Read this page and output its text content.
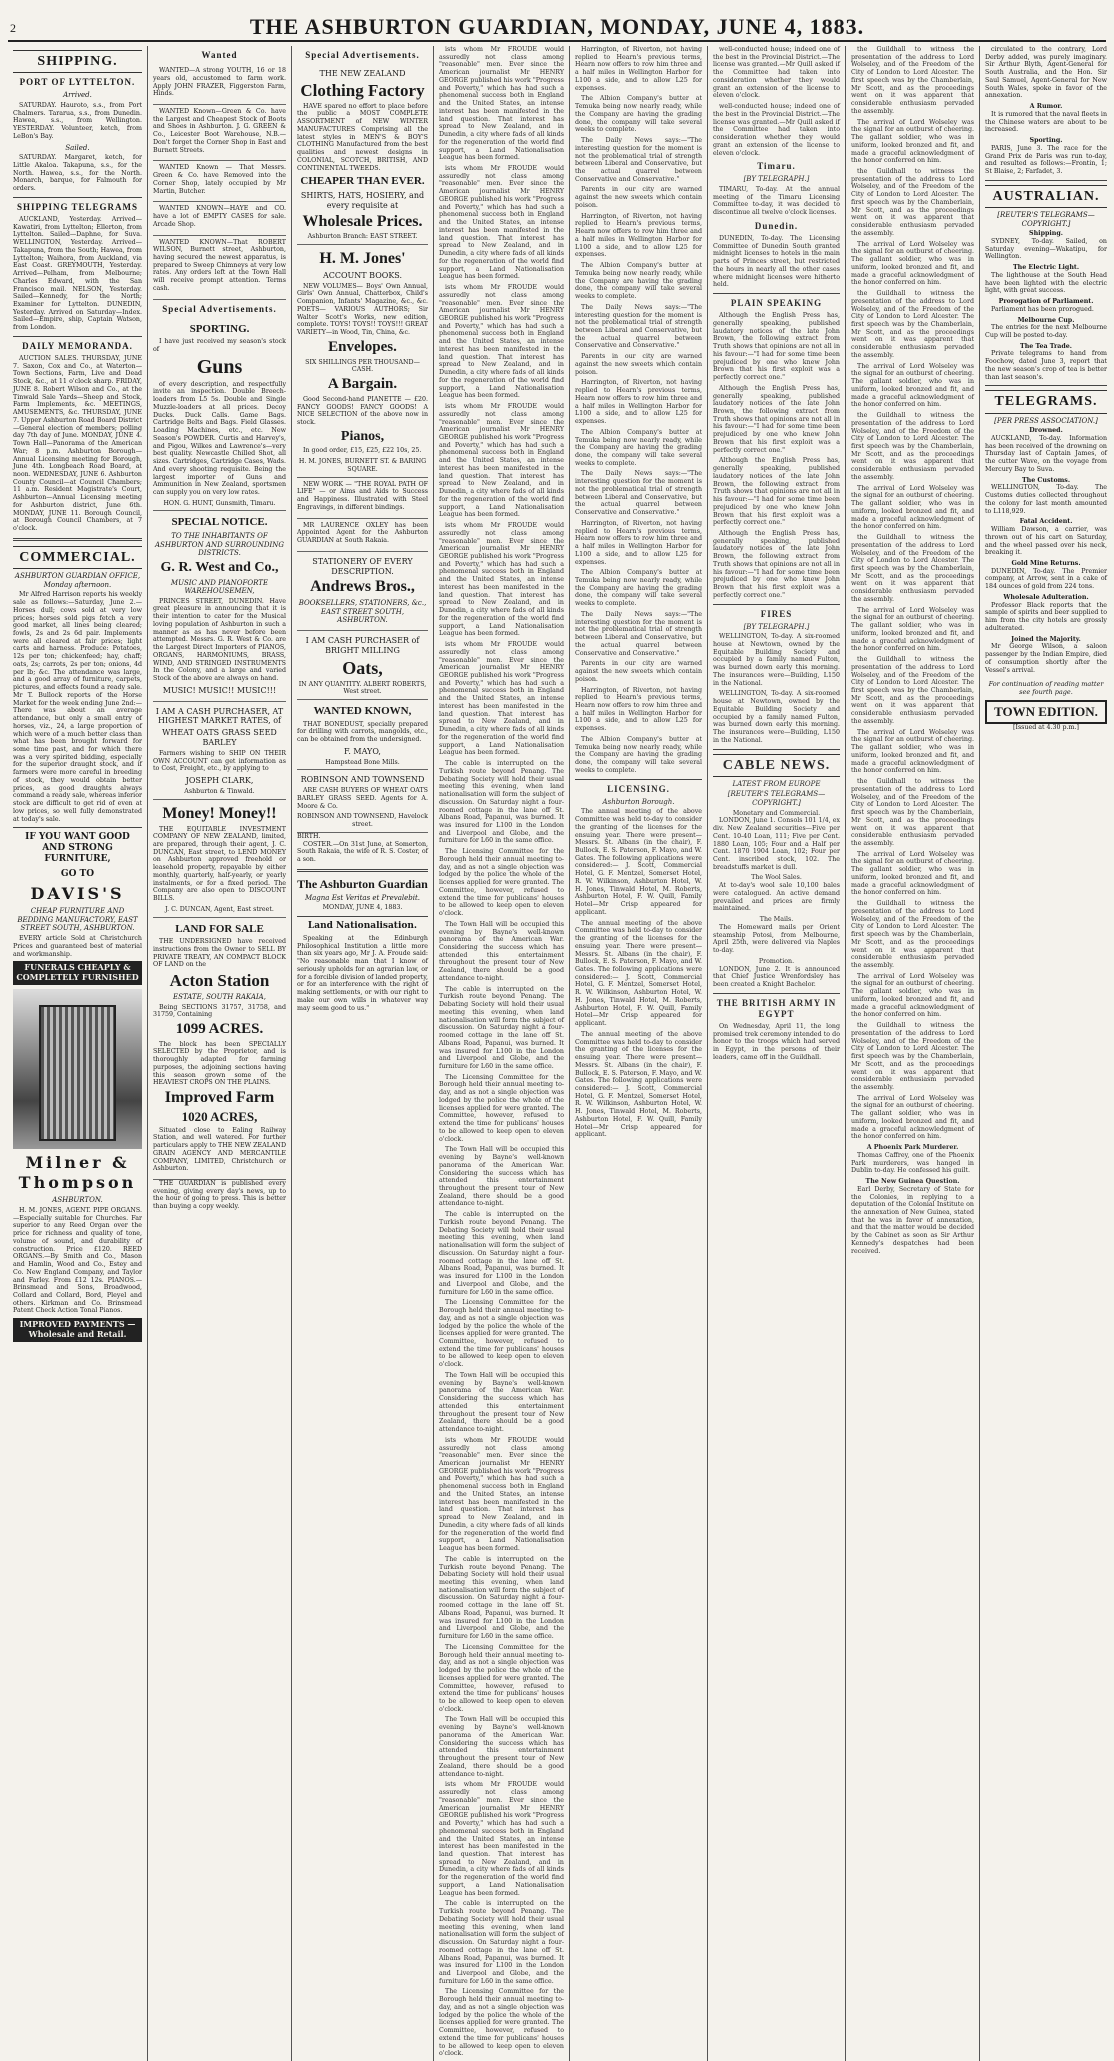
2	THE ASHBURTON GUARDIAN, MONDAY, JUNE 4, 1883.
SHIPPING.
PORT OF LYTTELTON.
Arrived.

SATURDAY. Hauroto, s.s., from Port Chalmers. Tararua, s.s., from Dunedin. Hawea, s.s., from Wellington. YESTERDAY. Volunteer, ketch, from LeBon's Bay.

Sailed.

SATURDAY. Margaret, ketch, for Little Akaloa. Takapuna, s.s., for the North. Hawea, s.s., for the North. Monarch, barque, for Falmouth for orders.

SHIPPING TELEGRAMS

AUCKLAND, Yesterday. Arrived—Kawatiri, from Lyttelton; Ellerton, from Lyttelton. Sailed—Daphne, for Suva. WELLINGTON, Yesterday. Arrived—Takapuna, from the South; Hawea, from Lyttelton; Waihora, from Auckland, via East Coast. GREYMOUTH, Yesterday. Arrived—Pelham, from Melbourne; Charles Edward, with the San Francisco mail. NELSON, Yesterday. Sailed—Kennedy, for the North; Examiner for Lyttelton. DUNEDIN, Yesterday. Arrived on Saturday—Index. Sailed—Empire, ship, Captain Watson, from London.

DAILY MEMORANDA.

AUCTION SALES. THURSDAY, JUNE 7. Saxon, Cox and Co., at Waterton—Town Sections, Farm, Live and Dead Stock, &c., at 11 o'clock sharp. FRIDAY, JUNE 8. Robert Wilson and Co., at the Tinwald Sale Yards—Sheep and Stock, Farm Implements, &c. MEETINGS, AMUSEMENTS, &c. THURSDAY, JUNE 7. Upper Ashburton Road Board District—General election of members; polling day 7th day of June. MONDAY, JUNE 4. Town Hall—Panorama of the American War; 8 p.m. Ashburton Borough—Annual Licensing meeting for Borough, June 4th. Longbeach Road Board, at noon. WEDNESDAY, JUNE 6. Ashburton County Council—at Council Chambers; 11 a.m. Resident Magistrate's Court, Ashburton—Annual Licensing meeting for Ashburton district, June 6th. MONDAY, JUNE 11. Borough Council, at Borough Council Chambers, at 7 o'clock.

COMMERCIAL.
ASHBURTON GUARDIAN OFFICE, Monday afternoon.

Mr Alfred Harrison reports his weekly sale as follows:—Saturday, June 2.—Horses dull; cows sold at very low prices; horses sold pigs fetch a very good market, all lines being cleared; fowls, 2s and 2s 6d pair. Implements were all cleared at fair prices; light carts and harness. Produce: Potatoes, 12s per ton; chickenfeed; hay, chaff; oats, 2s; carrots, 2s per ton; onions, 4d per lb; &c. The attendance was large, and a good array of furniture, carpets, pictures, and effects found a ready sale. Mr T. Bullock reports of the Horse Market for the week ending June 2nd:—There was about an average attendance, but only a small entry of horses, viz., 24, a large proportion of which were of a much better class than what has been brought forward for some time past, and for which there was a very spirited bidding, especially for the superior draught stock, and if farmers were more careful in breeding of stock, they would obtain better prices, as good draughts always command a ready sale, whereas inferior stock are difficult to get rid of even at low prices, so well fully demonstrated at today's sale.

IF YOU WANT GOOD AND STRONG FURNITURE,
GO TO
DAVIS'S
CHEAP FURNITURE AND BEDDING MANUFACTORY, EAST STREET SOUTH, ASHBURTON.

EVERY article Sold at Christchurch Prices and guaranteed best of material and workmanship.

FUNERALS CHEAPLY & COMPLETELY FURNISHED
Milner & Thompson
ASHBURTON.

H. M. JONES, AGENT. PIPE ORGANS.—Especially suitable for Churches. Far superior to any Reed Organ over the price for richness and quality of tone, volume of sound, and durability of construction. Price £120. REED ORGANS.—By Smith and Co., Mason and Hamlin, Wood and Co., Estey and Co. New England Company, and Taylor and Farley. From £12 12s. PIANOS.—Brinsmead and Sons, Broadwood, Collard and Collard, Bord, Pleyel and others. Kirkman and Co. Brinsmead Patent Check Action Tonal Pianos.

IMPROVED PAYMENTS — Wholesale and Retail.
Wanted

WANTED—A strong YOUTH, 16 or 18 years old, accustomed to farm work. Apply JOHN FRAZER, Figgerston Farm, Hinds.

WANTED Known—Green & Co. have the Largest and Cheapest Stock of Boots and Shoes in Ashburton. J. G. GREEN & Co., Leicester Boot Warehouse, N.B.—Don't forget the Corner Shop in East and Burnett Streets.

WANTED Known — That Messrs. Green & Co. have Removed into the Corner Shop, lately occupied by Mr Martin, Butcher.

WANTED KNOWN—HAYE and CO. have a lot of EMPTY CASES for sale. Arcade Shop.

WANTED KNOWN—That ROBERT WILSON, Burnett street, Ashburton, having secured the newest apparatus, is prepared to Sweep Chimneys at very low rates. Any orders left at the Town Hall will receive prompt attention. Terms cash.

Special Advertisements.
SPORTING.

I have just received my season's stock of

Guns

of every description, and respectfully invite an inspection. Double Breech-loaders from L5 5s. Double and Single Muzzle-loaders at all prices. Decoy Ducks. Duck Calls. Game Bags. Cartridge Belts and Bags. Field Glasses. Loading Machines, etc., etc. New Season's POWDER. Curtis and Harvey's, and Pigou, Wilkes and Lawrence's—very best quality. Newcastle Chilled Shot, all sizes. Cartridges, Cartridge Cases, Wads. And every shooting requisite. Being the largest importer of Guns and Ammunition in New Zealand, sportsmen can supply you on very low rates.

HON. G. HUNT, Gunsmith, Timaru.
SPECIAL NOTICE.
TO THE INHABITANTS OF ASHBURTON AND SURROUNDING DISTRICTS.
G. R. West and Co.,
MUSIC AND PIANOFORTE WAREHOUSEMEN,

PRINCES STREET, DUNEDIN. Have great pleasure in announcing that it is their intention to cater for the Musical loving population of Ashburton in such a manner as as has never before been attempted. Messrs. G. R. West & Co. are the Largest Direct Importers of PIANOS, ORGANS, HARMONIUMS, BRASS, WIND, AND STRINGED INSTRUMENTS In the Colony, and a large and varied Stock of the above are always on hand.

MUSIC! MUSIC!! MUSIC!!!
I AM A CASH PURCHASER, AT HIGHEST MARKET RATES, of
WHEAT OATS GRASS SEED BARLEY

Farmers wishing to SHIP ON THEIR OWN ACCOUNT can get information as to Cost, Freight, etc., by applying to

JOSEPH CLARK,
Ashburton & Tinwald.
Money! Money!!

THE EQUITABLE INVESTMENT COMPANY OF NEW ZEALAND, limited, are prepared, through their agent, J. C. DUNCAN, East street, to LEND MONEY on Ashburton approved freehold or leasehold property, repayable by either monthly, quarterly, half-yearly, or yearly instalments, or for a fixed period. The Company are also open to DISCOUNT BILLS.

J. C. DUNCAN, Agent, East street.
LAND FOR SALE

THE UNDERSIGNED have received instructions from the Owner to SELL BY PRIVATE TREATY, AN COMPACT BLOCK OF LAND on the

Acton Station
ESTATE, SOUTH RAKAIA,

Being SECTIONS 31757, 31758, and 31759, Containing

1099 ACRES.

The block has been SPECIALLY SELECTED by the Proprietor, and is thoroughly adapted for farming purposes, the adjoining sections having this season grown some of the HEAVIEST CROPS ON THE PLAINS.

Improved Farm
1020 ACRES,

Situated close to Ealing Railway Station, and well watered. For further particulars apply to THE NEW ZEALAND GRAIN AGENCY AND MERCANTILE COMPANY, LIMITED, Christchurch or Ashburton.

THE GUARDIAN is published every evening, giving every day's news, up to the hour of going to press. This is better than buying a copy weekly.

Special Advertisements.
THE NEW ZEALAND
Clothing Factory

HAVE spared no effort to place before the public a MOST COMPLETE ASSORTMENT of NEW WINTER MANUFACTURES Comprising all the latest styles in MEN'S & BOY'S CLOTHING Manufactured from the best qualities and newest designs in COLONIAL, SCOTCH, BRITISH, AND CONTINENTAL TWEEDS.

CHEAPER THAN EVER.
SHIRTS, HATS, HOSIERY, and every requisite at
Wholesale Prices.
Ashburton Branch: EAST STREET.
H. M. Jones'
ACCOUNT BOOKS.

NEW VOLUMES— Boys' Own Annual, Girls' Own Annual, Chatterbox, Child's Companion, Infants' Magazine, &c., &c. POETS— VARIOUS AUTHORS; Sir Walter Scott's Works, new edition, complete. TOYS! TOYS!! TOYS!!! GREAT VARIETY—in Wood, Tin, China, &c.

Envelopes.
SIX SHILLINGS PER THOUSAND—CASH.
A Bargain.

Good Second-hand PIANETTE — £20. FANCY GOODS! FANCY GOODS! A NICE SELECTION of the above now in stock.

Pianos,

In good order, £15, £25, £22 10s, 25.

H. M. JONES, BURNETT ST. & BARING SQUARE.

NEW WORK — "THE ROYAL PATH OF LIFE" — or Aims and Aids to Success and Happiness. Illustrated with Steel Engravings, in different bindings.

MR LAURENCE OXLEY has been Appointed Agent for the Ashburton GUARDIAN at South Rakaia.

STATIONERY OF EVERY DESCRIPTION.
Andrews Bros.,
BOOKSELLERS, STATIONERS, &c., EAST STREET SOUTH, ASHBURTON.
I AM CASH PURCHASER of BRIGHT MILLING
Oats,
IN ANY QUANTITY. ALBERT ROBERTS, West street.
WANTED KNOWN,

THAT BONEDUST, specially prepared for drilling with carrots, mangolds, etc., can be obtained from the undersigned.

F. MAYO,
Hampstead Bone Mills.
ROBINSON AND TOWNSEND

ARE CASH BUYERS OF WHEAT OATS BARLEY GRASS SEED. Agents for A. Moore & Co.

ROBINSON AND TOWNSEND, Havelock street.
BIRTH.

COSTER.—On 31st June, at Somerton, South Rakaia, the wife of R. S. Coster, of a son.

The Ashburton Guardian
Magna Est Veritas et Prevalebit.
MONDAY, JUNE 4, 1883.
Land Nationalisation.

Speaking at the Edinburgh Philosophical Institution a little more than six years ago, Mr J. A. Froude said: "No reasonable man that I know of seriously upholds for an agrarian law, or for a forcible division of landed property, or for an interference with the right of making settlements, or with our right to make our own wills in whatever way may seem good to us."

ists whom Mr FROUDE would assuredly not class among "reasonable" men. Ever since the American journalist Mr HENRY GEORGE published his work "Progress and Poverty," which has had such a phenomenal success both in England and the United States, an intense interest has been manifested in the land question. That interest has spread to New Zealand, and in Dunedin, a city where fads of all kinds for the regeneration of the world find support, a Land Nationalisation League has been formed.

ists whom Mr FROUDE would assuredly not class among "reasonable" men. Ever since the American journalist Mr HENRY GEORGE published his work "Progress and Poverty," which has had such a phenomenal success both in England and the United States, an intense interest has been manifested in the land question. That interest has spread to New Zealand, and in Dunedin, a city where fads of all kinds for the regeneration of the world find support, a Land Nationalisation League has been formed.

ists whom Mr FROUDE would assuredly not class among "reasonable" men. Ever since the American journalist Mr HENRY GEORGE published his work "Progress and Poverty," which has had such a phenomenal success both in England and the United States, an intense interest has been manifested in the land question. That interest has spread to New Zealand, and in Dunedin, a city where fads of all kinds for the regeneration of the world find support, a Land Nationalisation League has been formed.

ists whom Mr FROUDE would assuredly not class among "reasonable" men. Ever since the American journalist Mr HENRY GEORGE published his work "Progress and Poverty," which has had such a phenomenal success both in England and the United States, an intense interest has been manifested in the land question. That interest has spread to New Zealand, and in Dunedin, a city where fads of all kinds for the regeneration of the world find support, a Land Nationalisation League has been formed.

ists whom Mr FROUDE would assuredly not class among "reasonable" men. Ever since the American journalist Mr HENRY GEORGE published his work "Progress and Poverty," which has had such a phenomenal success both in England and the United States, an intense interest has been manifested in the land question. That interest has spread to New Zealand, and in Dunedin, a city where fads of all kinds for the regeneration of the world find support, a Land Nationalisation League has been formed.

ists whom Mr FROUDE would assuredly not class among "reasonable" men. Ever since the American journalist Mr HENRY GEORGE published his work "Progress and Poverty," which has had such a phenomenal success both in England and the United States, an intense interest has been manifested in the land question. That interest has spread to New Zealand, and in Dunedin, a city where fads of all kinds for the regeneration of the world find support, a Land Nationalisation League has been formed.

The cable is interrupted on the Turkish route beyond Penang. The Debating Society will hold their usual meeting this evening, when land nationalisation will form the subject of discussion. On Saturday night a four-roomed cottage in the lane off St. Albans Road, Papanui, was burned. It was insured for L100 in the London and Liverpool and Globe, and the furniture for L60 in the same office.

The Licensing Committee for the Borough held their annual meeting to-day, and as not a single objection was lodged by the police the whole of the licenses applied for were granted. The Committee, however, refused to extend the time for publicans' houses to be allowed to keep open to eleven o'clock.

The Town Hall will be occupied this evening by Bayne's well-known panorama of the American War. Considering the success which has attended this entertainment throughout the present tour of New Zealand, there should be a good attendance to-night.

The cable is interrupted on the Turkish route beyond Penang. The Debating Society will hold their usual meeting this evening, when land nationalisation will form the subject of discussion. On Saturday night a four-roomed cottage in the lane off St. Albans Road, Papanui, was burned. It was insured for L100 in the London and Liverpool and Globe, and the furniture for L60 in the same office.

The Licensing Committee for the Borough held their annual meeting to-day, and as not a single objection was lodged by the police the whole of the licenses applied for were granted. The Committee, however, refused to extend the time for publicans' houses to be allowed to keep open to eleven o'clock.

The Town Hall will be occupied this evening by Bayne's well-known panorama of the American War. Considering the success which has attended this entertainment throughout the present tour of New Zealand, there should be a good attendance to-night.

The cable is interrupted on the Turkish route beyond Penang. The Debating Society will hold their usual meeting this evening, when land nationalisation will form the subject of discussion. On Saturday night a four-roomed cottage in the lane off St. Albans Road, Papanui, was burned. It was insured for L100 in the London and Liverpool and Globe, and the furniture for L60 in the same office.

The Licensing Committee for the Borough held their annual meeting to-day, and as not a single objection was lodged by the police the whole of the licenses applied for were granted. The Committee, however, refused to extend the time for publicans' houses to be allowed to keep open to eleven o'clock.

The Town Hall will be occupied this evening by Bayne's well-known panorama of the American War. Considering the success which has attended this entertainment throughout the present tour of New Zealand, there should be a good attendance to-night.

ists whom Mr FROUDE would assuredly not class among "reasonable" men. Ever since the American journalist Mr HENRY GEORGE published his work "Progress and Poverty," which has had such a phenomenal success both in England and the United States, an intense interest has been manifested in the land question. That interest has spread to New Zealand, and in Dunedin, a city where fads of all kinds for the regeneration of the world find support, a Land Nationalisation League has been formed.

The cable is interrupted on the Turkish route beyond Penang. The Debating Society will hold their usual meeting this evening, when land nationalisation will form the subject of discussion. On Saturday night a four-roomed cottage in the lane off St. Albans Road, Papanui, was burned. It was insured for L100 in the London and Liverpool and Globe, and the furniture for L60 in the same office.

The Licensing Committee for the Borough held their annual meeting to-day, and as not a single objection was lodged by the police the whole of the licenses applied for were granted. The Committee, however, refused to extend the time for publicans' houses to be allowed to keep open to eleven o'clock.

The Town Hall will be occupied this evening by Bayne's well-known panorama of the American War. Considering the success which has attended this entertainment throughout the present tour of New Zealand, there should be a good attendance to-night.

ists whom Mr FROUDE would assuredly not class among "reasonable" men. Ever since the American journalist Mr HENRY GEORGE published his work "Progress and Poverty," which has had such a phenomenal success both in England and the United States, an intense interest has been manifested in the land question. That interest has spread to New Zealand, and in Dunedin, a city where fads of all kinds for the regeneration of the world find support, a Land Nationalisation League has been formed.

The cable is interrupted on the Turkish route beyond Penang. The Debating Society will hold their usual meeting this evening, when land nationalisation will form the subject of discussion. On Saturday night a four-roomed cottage in the lane off St. Albans Road, Papanui, was burned. It was insured for L100 in the London and Liverpool and Globe, and the furniture for L60 in the same office.

The Licensing Committee for the Borough held their annual meeting to-day, and as not a single objection was lodged by the police the whole of the licenses applied for were granted. The Committee, however, refused to extend the time for publicans' houses to be allowed to keep open to eleven o'clock.

Harrington, of Riverton, not having replied to Hearn's previous terms, Hearn now offers to row him three and a half miles in Wellington Harbor for L100 a side, and to allow L25 for expenses.

The Albion Company's butter at Temuka being now nearly ready, while the Company are having the grading done, the company will take several weeks to complete.

The Daily News says:—"The interesting question for the moment is not the problematical trial of strength between Liberal and Conservative, but the actual quarrel between Conservative and Conservative."

Parents in our city are warned against the new sweets which contain poison.

Harrington, of Riverton, not having replied to Hearn's previous terms, Hearn now offers to row him three and a half miles in Wellington Harbor for L100 a side, and to allow L25 for expenses.

The Albion Company's butter at Temuka being now nearly ready, while the Company are having the grading done, the company will take several weeks to complete.

The Daily News says:—"The interesting question for the moment is not the problematical trial of strength between Liberal and Conservative, but the actual quarrel between Conservative and Conservative."

Parents in our city are warned against the new sweets which contain poison.

Harrington, of Riverton, not having replied to Hearn's previous terms, Hearn now offers to row him three and a half miles in Wellington Harbor for L100 a side, and to allow L25 for expenses.

The Albion Company's butter at Temuka being now nearly ready, while the Company are having the grading done, the company will take several weeks to complete.

The Daily News says:—"The interesting question for the moment is not the problematical trial of strength between Liberal and Conservative, but the actual quarrel between Conservative and Conservative."

Harrington, of Riverton, not having replied to Hearn's previous terms, Hearn now offers to row him three and a half miles in Wellington Harbor for L100 a side, and to allow L25 for expenses.

The Albion Company's butter at Temuka being now nearly ready, while the Company are having the grading done, the company will take several weeks to complete.

The Daily News says:—"The interesting question for the moment is not the problematical trial of strength between Liberal and Conservative, but the actual quarrel between Conservative and Conservative."

Parents in our city are warned against the new sweets which contain poison.

Harrington, of Riverton, not having replied to Hearn's previous terms, Hearn now offers to row him three and a half miles in Wellington Harbor for L100 a side, and to allow L25 for expenses.

The Albion Company's butter at Temuka being now nearly ready, while the Company are having the grading done, the company will take several weeks to complete.

LICENSING.
Ashburton Borough.

The annual meeting of the above Committee was held to-day to consider the granting of the licenses for the ensuing year. There were present—Messrs. St. Albans (in the chair), F. Bullock, E. S. Paterson, F. Mayo, and W. Gates. The following applications were considered:— J. Scott, Commercial Hotel, G. F. Mentzel, Somerset Hotel, R. W. Wilkinson, Ashburton Hotel, W. H. Jones, Tinwald Hotel, M. Roberts, Ashburton Hotel, F. W. Quill, Family Hotel—Mr Crisp appeared for applicant.

The annual meeting of the above Committee was held to-day to consider the granting of the licenses for the ensuing year. There were present—Messrs. St. Albans (in the chair), F. Bullock, E. S. Paterson, F. Mayo, and W. Gates. The following applications were considered:— J. Scott, Commercial Hotel, G. F. Mentzel, Somerset Hotel, R. W. Wilkinson, Ashburton Hotel, W. H. Jones, Tinwald Hotel, M. Roberts, Ashburton Hotel, F. W. Quill, Family Hotel—Mr Crisp appeared for applicant.

The annual meeting of the above Committee was held to-day to consider the granting of the licenses for the ensuing year. There were present—Messrs. St. Albans (in the chair), F. Bullock, E. S. Paterson, F. Mayo, and W. Gates. The following applications were considered:— J. Scott, Commercial Hotel, G. F. Mentzel, Somerset Hotel, R. W. Wilkinson, Ashburton Hotel, W. H. Jones, Tinwald Hotel, M. Roberts, Ashburton Hotel, F. W. Quill, Family Hotel—Mr Crisp appeared for applicant.

well-conducted house; indeed one of the best in the Provincial District.—The license was granted.—Mr Quill asked if the Committee had taken into consideration whether they would grant an extension of the license to eleven o'clock.

well-conducted house; indeed one of the best in the Provincial District.—The license was granted.—Mr Quill asked if the Committee had taken into consideration whether they would grant an extension of the license to eleven o'clock.

Timaru.
[BY TELEGRAPH.]

TIMARU, To-day. At the annual meeting of the Timaru Licensing Committee to-day, it was decided to discontinue all twelve o'clock licenses.

Dunedin.

DUNEDIN, To-day. The Licensing Committee of Dunedin South granted midnight licenses to hotels in the main parts of Princes street, but restricted the hours in nearly all the other cases where midnight licenses were hitherto held.

PLAIN SPEAKING

Although the English Press has, generally speaking, published laudatory notices of the late John Brown, the following extract from Truth shows that opinions are not all in his favour:—"I had for some time been prejudiced by one who knew John Brown that his first exploit was a perfectly correct one."

Although the English Press has, generally speaking, published laudatory notices of the late John Brown, the following extract from Truth shows that opinions are not all in his favour:—"I had for some time been prejudiced by one who knew John Brown that his first exploit was a perfectly correct one."

Although the English Press has, generally speaking, published laudatory notices of the late John Brown, the following extract from Truth shows that opinions are not all in his favour:—"I had for some time been prejudiced by one who knew John Brown that his first exploit was a perfectly correct one."

Although the English Press has, generally speaking, published laudatory notices of the late John Brown, the following extract from Truth shows that opinions are not all in his favour:—"I had for some time been prejudiced by one who knew John Brown that his first exploit was a perfectly correct one."

FIRES
[BY TELEGRAPH.]

WELLINGTON, To-day. A six-roomed house at Newtown, owned by the Equitable Building Society and occupied by a family named Fulton, was burned down early this morning. The insurances were—Building, L150 in the National.

WELLINGTON, To-day. A six-roomed house at Newtown, owned by the Equitable Building Society and occupied by a family named Fulton, was burned down early this morning. The insurances were—Building, L150 in the National.

CABLE NEWS.
LATEST FROM EUROPE
[REUTER'S TELEGRAMS—COPYRIGHT.]
Monetary and Commercial.

LONDON, June 1. Consols 101 1/4, ex div. New Zealand securities—Five per Cent. 10-40 Loan, 111; Five per Cent. 1880 Loan, 105; Four and a Half per Cent. 1870 1904 Loan, 102; Four per Cent. inscribed stock, 102. The breadstuffs market is dull.

The Wool Sales.

At to-day's wool sale 10,100 bales were catalogued. An active demand prevailed and prices are firmly maintained.

The Mails.

The Homeward mails per Orient steamship Potosi, from Melbourne, April 25th, were delivered via Naples to-day.

Promotion.

LONDON, June 2. It is announced that Chief Justice Wrenfordsley has been created a Knight Bachelor.

THE BRITISH ARMY IN EGYPT

On Wednesday, April 11, the long promised trek ceremony intended to do honor to the troops which had served in Egypt, in the persons of their leaders, came off in the Guildhall.

the Guildhall to witness the presentation of the address to Lord Wolseley, and of the Freedom of the City of London to Lord Alcester. The first speech was by the Chamberlain, Mr Scott, and as the proceedings went on it was apparent that considerable enthusiasm pervaded the assembly.

The arrival of Lord Wolseley was the signal for an outburst of cheering. The gallant soldier, who was in uniform, looked bronzed and fit, and made a graceful acknowledgment of the honor conferred on him.

the Guildhall to witness the presentation of the address to Lord Wolseley, and of the Freedom of the City of London to Lord Alcester. The first speech was by the Chamberlain, Mr Scott, and as the proceedings went on it was apparent that considerable enthusiasm pervaded the assembly.

The arrival of Lord Wolseley was the signal for an outburst of cheering. The gallant soldier, who was in uniform, looked bronzed and fit, and made a graceful acknowledgment of the honor conferred on him.

the Guildhall to witness the presentation of the address to Lord Wolseley, and of the Freedom of the City of London to Lord Alcester. The first speech was by the Chamberlain, Mr Scott, and as the proceedings went on it was apparent that considerable enthusiasm pervaded the assembly.

The arrival of Lord Wolseley was the signal for an outburst of cheering. The gallant soldier, who was in uniform, looked bronzed and fit, and made a graceful acknowledgment of the honor conferred on him.

the Guildhall to witness the presentation of the address to Lord Wolseley, and of the Freedom of the City of London to Lord Alcester. The first speech was by the Chamberlain, Mr Scott, and as the proceedings went on it was apparent that considerable enthusiasm pervaded the assembly.

The arrival of Lord Wolseley was the signal for an outburst of cheering. The gallant soldier, who was in uniform, looked bronzed and fit, and made a graceful acknowledgment of the honor conferred on him.

the Guildhall to witness the presentation of the address to Lord Wolseley, and of the Freedom of the City of London to Lord Alcester. The first speech was by the Chamberlain, Mr Scott, and as the proceedings went on it was apparent that considerable enthusiasm pervaded the assembly.

The arrival of Lord Wolseley was the signal for an outburst of cheering. The gallant soldier, who was in uniform, looked bronzed and fit, and made a graceful acknowledgment of the honor conferred on him.

the Guildhall to witness the presentation of the address to Lord Wolseley, and of the Freedom of the City of London to Lord Alcester. The first speech was by the Chamberlain, Mr Scott, and as the proceedings went on it was apparent that considerable enthusiasm pervaded the assembly.

The arrival of Lord Wolseley was the signal for an outburst of cheering. The gallant soldier, who was in uniform, looked bronzed and fit, and made a graceful acknowledgment of the honor conferred on him.

the Guildhall to witness the presentation of the address to Lord Wolseley, and of the Freedom of the City of London to Lord Alcester. The first speech was by the Chamberlain, Mr Scott, and as the proceedings went on it was apparent that considerable enthusiasm pervaded the assembly.

The arrival of Lord Wolseley was the signal for an outburst of cheering. The gallant soldier, who was in uniform, looked bronzed and fit, and made a graceful acknowledgment of the honor conferred on him.

the Guildhall to witness the presentation of the address to Lord Wolseley, and of the Freedom of the City of London to Lord Alcester. The first speech was by the Chamberlain, Mr Scott, and as the proceedings went on it was apparent that considerable enthusiasm pervaded the assembly.

The arrival of Lord Wolseley was the signal for an outburst of cheering. The gallant soldier, who was in uniform, looked bronzed and fit, and made a graceful acknowledgment of the honor conferred on him.

the Guildhall to witness the presentation of the address to Lord Wolseley, and of the Freedom of the City of London to Lord Alcester. The first speech was by the Chamberlain, Mr Scott, and as the proceedings went on it was apparent that considerable enthusiasm pervaded the assembly.

The arrival of Lord Wolseley was the signal for an outburst of cheering. The gallant soldier, who was in uniform, looked bronzed and fit, and made a graceful acknowledgment of the honor conferred on him.

A Phoenix Park Murderer.

Thomas Caffrey, one of the Phoenix Park murderers, was hanged in Dublin to-day. He confessed his guilt.

The New Guinea Question.

Earl Derby, Secretary of State for the Colonies, in replying to a deputation of the Colonial Institute on the annexation of New Guinea, stated that he was in favor of annexation, and that the matter would be decided by the Cabinet as soon as Sir Arthur Kennedy's despatches had been received.

circulated to the contrary, Lord Derby added, was purely imaginary. Sir Arthur Blyth, Agent-General for South Australia, and the Hon. Sir Saul Samuel, Agent-General for New South Wales, spoke in favor of the annexation.

A Rumor.

It is rumored that the naval fleets in the Chinese waters are about to be increased.

Sporting.

PARIS, June 3. The race for the Grand Prix de Paris was run to-day, and resulted as follows:—Frontin, 1; St Blaise, 2; Farfadet, 3.

AUSTRALIAN.
[REUTER'S TELEGRAMS—COPYRIGHT.]
Shipping.

SYDNEY, To-day. Sailed, on Saturday evening—Wakatipu, for Wellington.

The Electric Light.

The lighthouse at the South Head have been lighted with the electric light, with great success.

Prorogation of Parliament.

Parliament has been prorogued.

Melbourne Cup.

The entries for the next Melbourne Cup will be posted to-day.

The Tea Trade.

Private telegrams to hand from Foochow, dated June 3, report that the new season's crop of tea is better than last season's.

TELEGRAMS.
[PER PRESS ASSOCIATION.]
Drowned.

AUCKLAND, To-day. Information has been received of the drowning on Thursday last of Captain James, of the cutter Wave, on the voyage from Mercury Bay to Suva.

The Customs.

WELLINGTON, To-day. The Customs duties collected throughout the colony for last month amounted to L118,929.

Fatal Accident.

William Dawson, a carrier, was thrown out of his cart on Saturday, and the wheel passed over his neck, breaking it.

Gold Mine Returns.

DUNEDIN, To-day. The Premier company, at Arrow, sent in a cake of 184 ounces of gold from 224 tons.

Wholesale Adulteration.

Professor Black reports that the sample of spirits and beer supplied to him from the city hotels are grossly adulterated.

Joined the Majority.

Mr George Wilson, a saloon passenger by the Indian Empire, died of consumption shortly after the Vessel's arrival.

For continuation of reading matter see fourth page.
TOWN EDITION.
[Issued at 4.30 p.m.]
